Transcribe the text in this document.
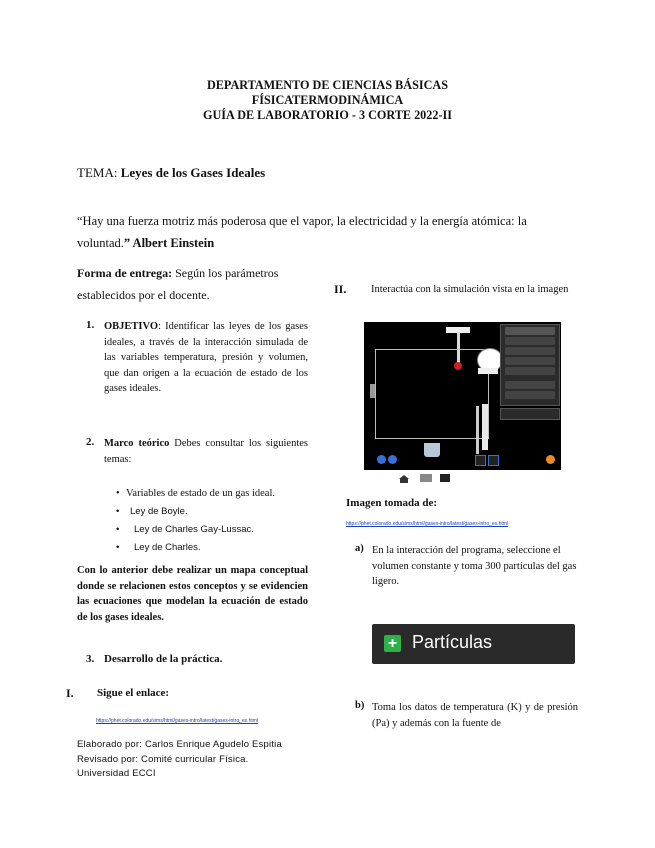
DEPARTAMENTO DE CIENCIAS BÁSICAS
FÍSICATERMODINÁMICA
GUÍA DE LABORATORIO - 3 CORTE 2022-II
TEMA: Leyes de los Gases Ideales
“Hay una fuerza motriz más poderosa que el vapor, la electricidad y la energía atómica: la voluntad.” Albert Einstein
Forma de entrega: Según los parámetros establecidos por el docente.
1. OBJETIVO: Identificar las leyes de los gases ideales, a través de la interacción simulada de las variables temperatura, presión y volumen, que dan origen a la ecuación de estado de los gases ideales.
2. Marco teórico Debes consultar los siguientes temas:
• Variables de estado de un gas ideal.
• Ley de Boyle.
• Ley de Charles Gay-Lussac.
• Ley de Charles.
Con lo anterior debe realizar un mapa conceptual donde se relacionen estos conceptos y se evidencien las ecuaciones que modelan la ecuación de estado de los gases ideales.
3. Desarrollo de la práctica.
I. Sigue el enlace:
https://phet.colorado.edu/sims/html/gases-intro/latest/gases-intro_es.html
Elaborado por: Carlos Enrique Agudelo Espitia
Revisado por: Comité curricular Física.
Universidad ECCI
II.	Interactúa con la simulación vista en la imagen
Imagen tomada de:
https://phet.colorado.edu/sims/html/gases-intro/latest/gases-intro_es.html
a) En la interacción del programa, seleccione el volumen constante y toma 300 partículas del gas ligero.
+ Partículas
b) Toma los datos de temperatura (K) y de presión (Pa) y además con la fuente de
